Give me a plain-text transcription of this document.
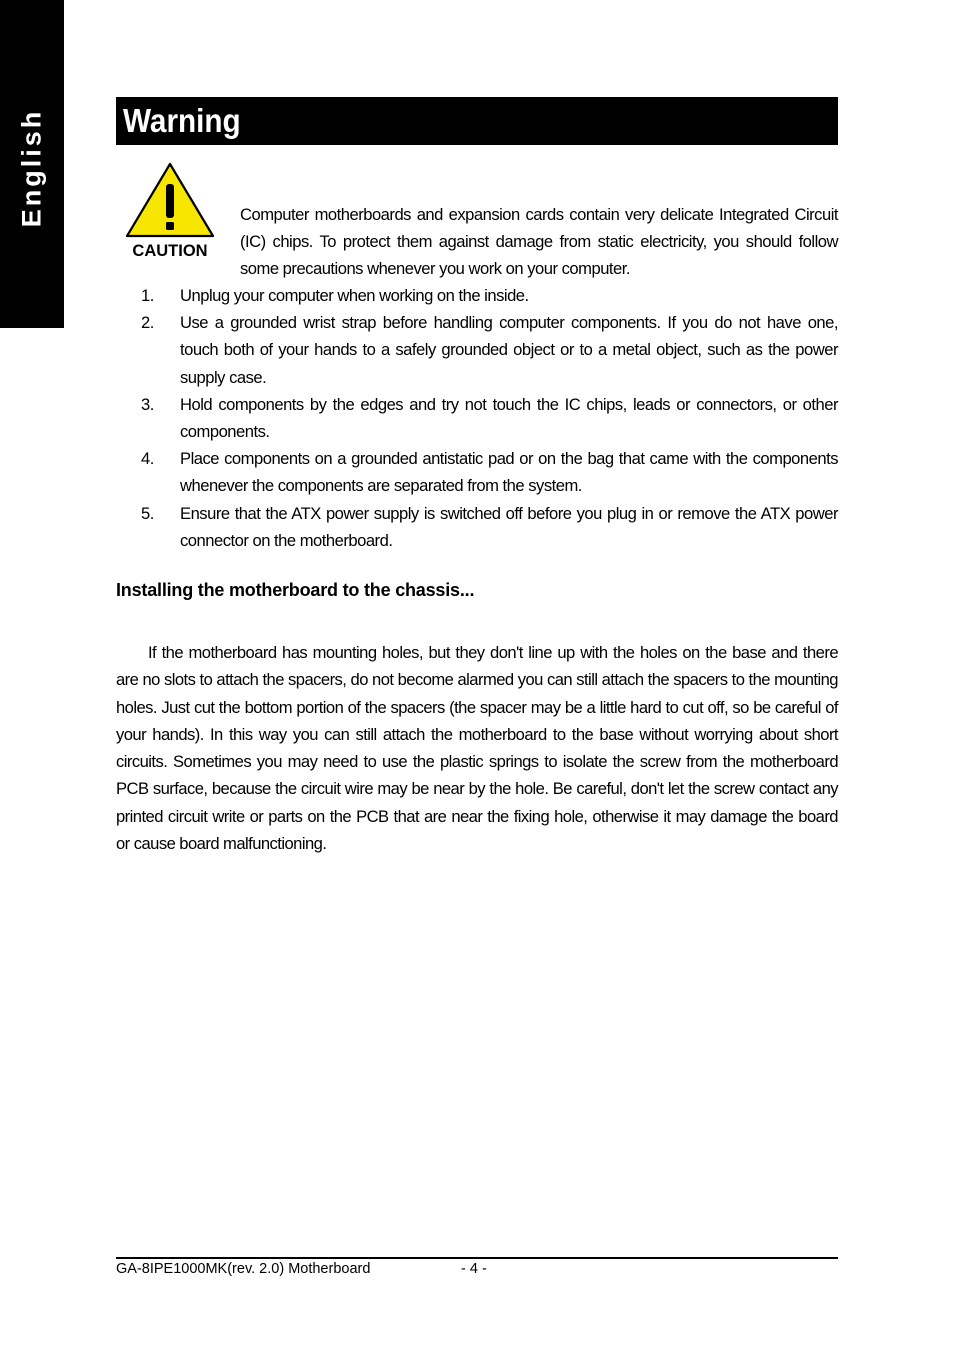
English Warning
CAUTION

Computer motherboards and expansion cards contain very delicate Integrated Circuit (IC) chips. To protect them against damage from static electricity, you should follow some precautions whenever you work on your computer.

1.	Unplug your computer when working on the inside.
2.	Use a grounded wrist strap before handling computer components. If you do not have one, touch both of your hands to a safely grounded object or to a metal object, such as the power supply case.
3.	Hold components by the edges and try not touch the IC chips, leads or connectors, or other components.
4.	Place components on a grounded antistatic pad or on the bag that came with the components whenever the components are separated from the system.
5.	Ensure that the ATX power supply is switched off before you plug in or remove the ATX power connector on the motherboard.
Installing the motherboard to the chassis...

If the motherboard has mounting holes, but they don't line up with the holes on the base and there are no slots to attach the spacers, do not become alarmed you can still attach the spacers to the mounting holes. Just cut the bottom portion of the spacers (the spacer may be a little hard to cut off, so be careful of your hands). In this way you can still attach the motherboard to the base without worrying about short circuits. Sometimes you may need to use the plastic springs to isolate the screw from the motherboard PCB surface, because the circuit wire may be near by the hole. Be careful, don't let the screw contact any printed circuit write or parts on the PCB that are near the fixing hole, otherwise it may damage the board or cause board malfunctioning.

GA-8IPE1000MK(rev. 2.0) Motherboard	- 4 -
